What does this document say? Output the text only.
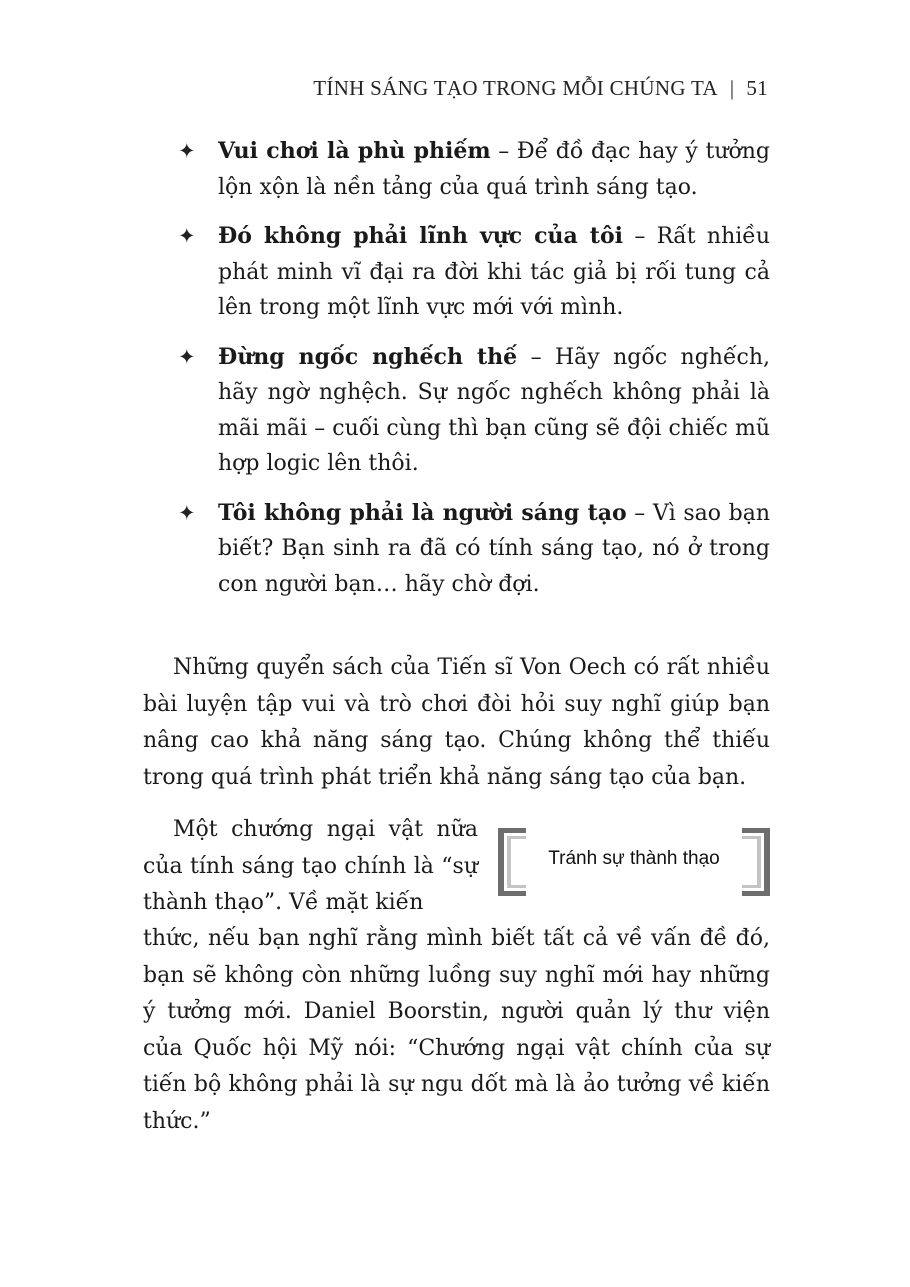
TÍNH SÁNG TẠO TRONG MỖI CHÚNG TA | 51
✦ Vui chơi là phù phiếm – Để đồ đạc hay ý tưởng lộn xộn là nền tảng của quá trình sáng tạo.

✦ Đó không phải lĩnh vực của tôi – Rất nhiều phát minh vĩ đại ra đời khi tác giả bị rối tung cả lên trong một lĩnh vực mới với mình.

✦ Đừng ngốc nghếch thế – Hãy ngốc nghếch, hãy ngờ nghệch. Sự ngốc nghếch không phải là mãi mãi – cuối cùng thì bạn cũng sẽ đội chiếc mũ hợp logic lên thôi.

✦ Tôi không phải là người sáng tạo – Vì sao bạn biết? Bạn sinh ra đã có tính sáng tạo, nó ở trong con người bạn… hãy chờ đợi.

Những quyển sách của Tiến sĩ Von Oech có rất nhiều bài luyện tập vui và trò chơi đòi hỏi suy nghĩ giúp bạn nâng cao khả năng sáng tạo. Chúng không thể thiếu trong quá trình phát triển khả năng sáng tạo của bạn.

Một chướng ngại vật nữa của tính sáng tạo chính là “sự thành thạo”. Về mặt kiến

Tránh sự thành thạo

thức, nếu bạn nghĩ rằng mình biết tất cả về vấn đề đó, bạn sẽ không còn những luồng suy nghĩ mới hay những ý tưởng mới. Daniel Boorstin, người quản lý thư viện của Quốc hội Mỹ nói: “Chướng ngại vật chính của sự tiến bộ không phải là sự ngu dốt mà là ảo tưởng về kiến thức.”
